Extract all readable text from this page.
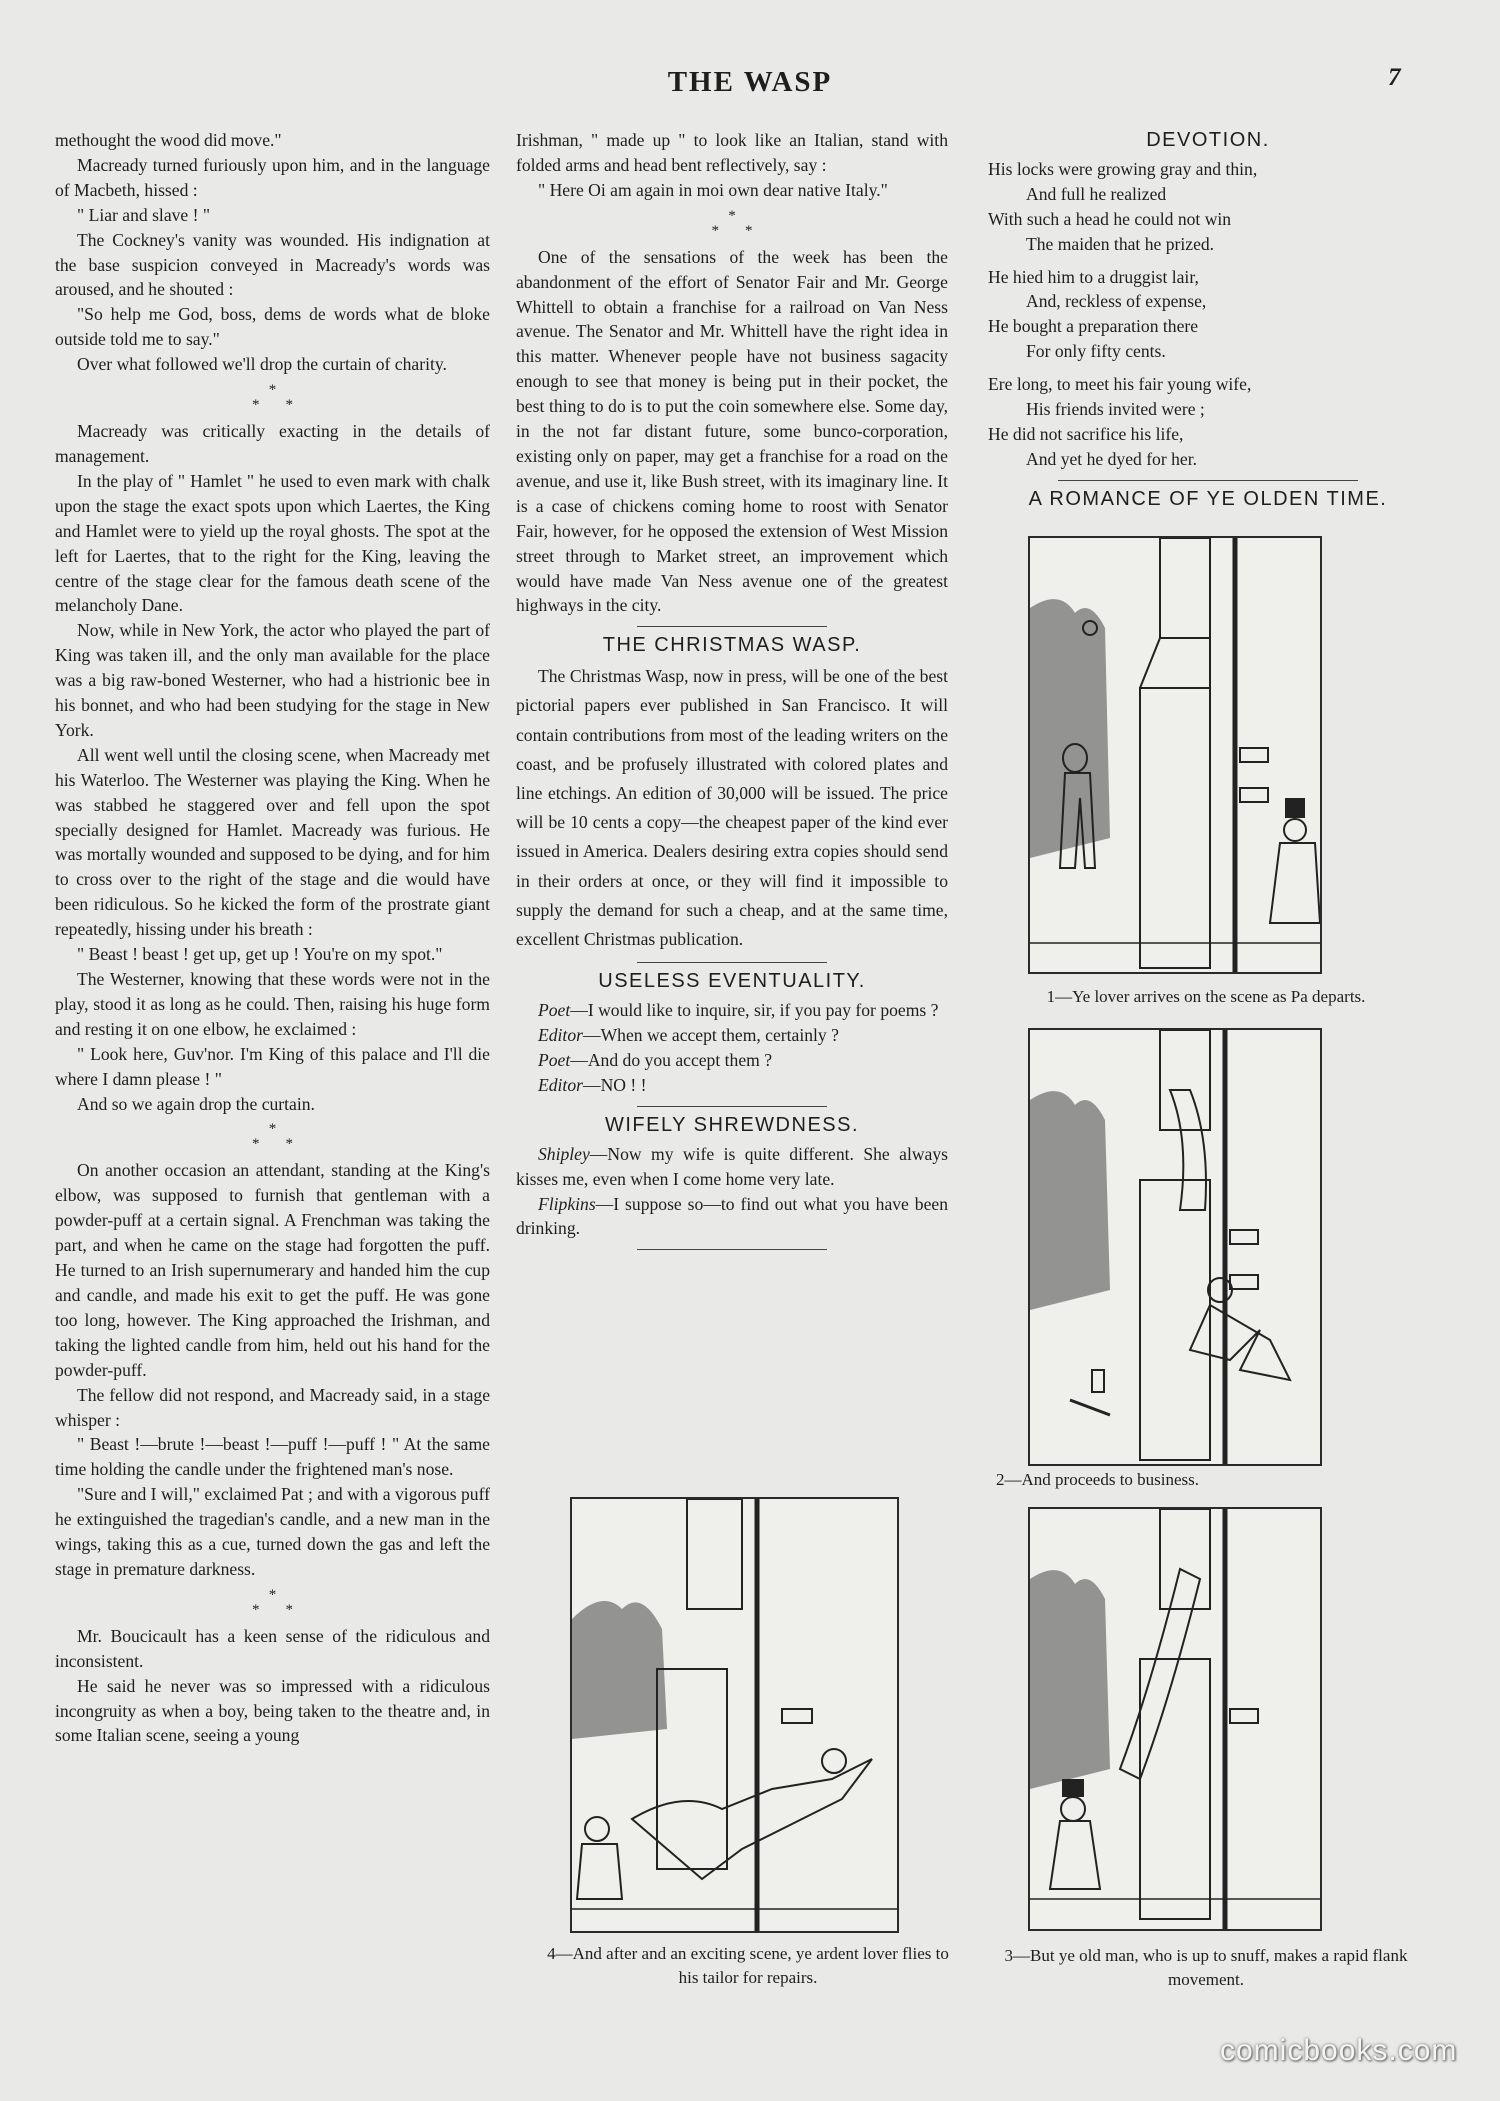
THE WASP	7

methought the wood did move."

Macready turned furiously upon him, and in the language of Macbeth, hissed :

" Liar and slave ! "

The Cockney's vanity was wounded. His indignation at the base suspicion conveyed in Macready's words was aroused, and he shouted :

"So help me God, boss, dems de words what de bloke outside told me to say."

Over what followed we'll drop the curtain of charity.

*
**

Macready was critically exacting in the details of management.

In the play of " Hamlet " he used to even mark with chalk upon the stage the exact spots upon which Laertes, the King and Hamlet were to yield up the royal ghosts. The spot at the left for Laertes, that to the right for the King, leaving the centre of the stage clear for the famous death scene of the melancholy Dane.

Now, while in New York, the actor who played the part of King was taken ill, and the only man available for the place was a big raw-boned Westerner, who had a histrionic bee in his bonnet, and who had been studying for the stage in New York.

All went well until the closing scene, when Macready met his Waterloo. The Westerner was playing the King. When he was stabbed he staggered over and fell upon the spot specially designed for Hamlet. Macready was furious. He was mortally wounded and supposed to be dying, and for him to cross over to the right of the stage and die would have been ridiculous. So he kicked the form of the prostrate giant repeatedly, hissing under his breath :

" Beast ! beast ! get up, get up ! You're on my spot."

The Westerner, knowing that these words were not in the play, stood it as long as he could. Then, raising his huge form and resting it on one elbow, he exclaimed :

" Look here, Guv'nor. I'm King of this palace and I'll die where I damn please ! "

And so we again drop the curtain.

*
**

On another occasion an attendant, standing at the King's elbow, was supposed to furnish that gentleman with a powder-puff at a certain signal. A Frenchman was taking the part, and when he came on the stage had forgotten the puff. He turned to an Irish supernumerary and handed him the cup and candle, and made his exit to get the puff. He was gone too long, however. The King approached the Irishman, and taking the lighted candle from him, held out his hand for the powder-puff.

The fellow did not respond, and Macready said, in a stage whisper :

" Beast !—brute !—beast !—puff !—puff ! " At the same time holding the candle under the frightened man's nose.

"Sure and I will," exclaimed Pat ; and with a vigorous puff he extinguished the tragedian's candle, and a new man in the wings, taking this as a cue, turned down the gas and left the stage in premature darkness.

*
**

Mr. Boucicault has a keen sense of the ridiculous and inconsistent.

He said he never was so impressed with a ridiculous incongruity as when a boy, being taken to the theatre and, in some Italian scene, seeing a young

Irishman, " made up " to look like an Italian, stand with folded arms and head bent reflectively, say :

" Here Oi am again in moi own dear native Italy."

*
**

One of the sensations of the week has been the abandonment of the effort of Senator Fair and Mr. George Whittell to obtain a franchise for a railroad on Van Ness avenue. The Senator and Mr. Whittell have the right idea in this matter. Whenever people have not business sagacity enough to see that money is being put in their pocket, the best thing to do is to put the coin somewhere else. Some day, in the not far distant future, some bunco-corporation, existing only on paper, may get a franchise for a road on the avenue, and use it, like Bush street, with its imaginary line. It is a case of chickens coming home to roost with Senator Fair, however, for he opposed the extension of West Mission street through to Market street, an improvement which would have made Van Ness avenue one of the greatest highways in the city.

THE CHRISTMAS WASP.

The Christmas Wasp, now in press, will be one of the best pictorial papers ever published in San Francisco. It will contain contributions from most of the leading writers on the coast, and be profusely illustrated with colored plates and line etchings. An edition of 30,000 will be issued. The price will be 10 cents a copy—the cheapest paper of the kind ever issued in America. Dealers desiring extra copies should send in their orders at once, or they will find it impossible to supply the demand for such a cheap, and at the same time, excellent Christmas publication.

USELESS EVENTUALITY.

Poet—I would like to inquire, sir, if you pay for poems ?

Editor—When we accept them, certainly ?

Poet—And do you accept them ?

Editor—NO ! !

WIFELY SHREWDNESS.

Shipley—Now my wife is quite different. She always kisses me, even when I come home very late.

Flipkins—I suppose so—to find out what you have been drinking.

DEVOTION.

His locks were growing gray and thin,

And full he realized

With such a head he could not win

The maiden that he prized.

He hied him to a druggist lair,

And, reckless of expense,

He bought a preparation there

For only fifty cents.

Ere long, to meet his fair young wife,

His friends invited were ;

He did not sacrifice his life,

And yet he dyed for her.

A ROMANCE OF YE OLDEN TIME.
1—Ye lover arrives on the scene as Pa departs.
2—And proceeds to business.
3—But ye old man, who is up to snuff, makes a rapid flank movement.
4—And after and an exciting scene, ye ardent lover flies to his tailor for repairs.
comicbooks.com
